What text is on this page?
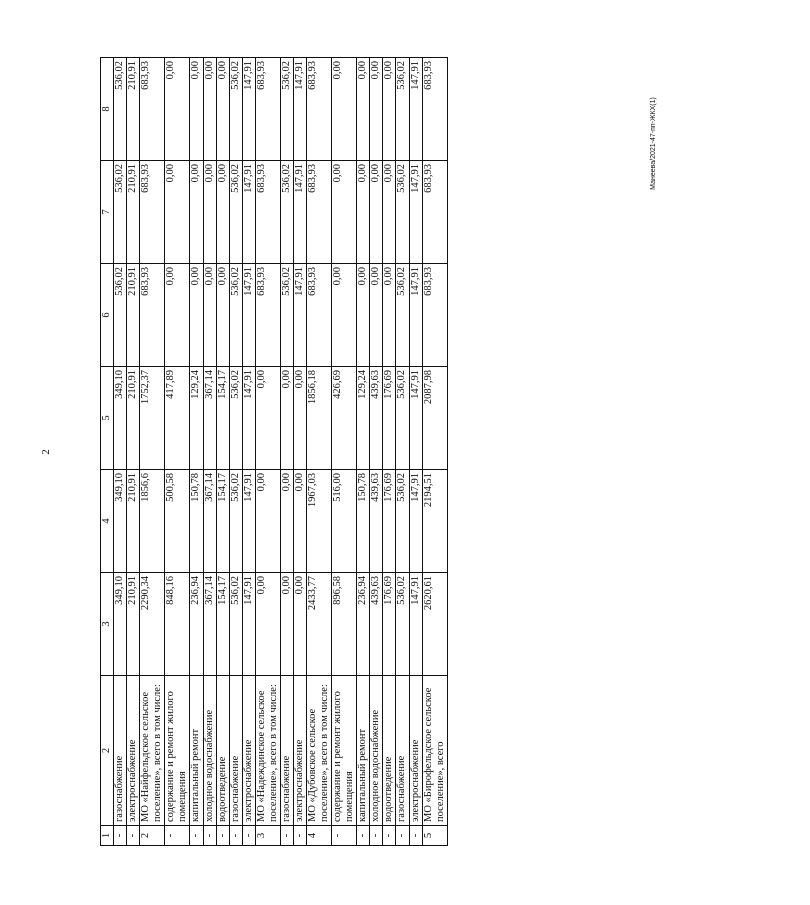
2
Манеева/2021-47-пп-ЖКХ(1)
1	2	3	4	5	6	7	8
-	газоснабжение	349,10	349,10	349,10	536,02	536,02	536,02
-	электроснабжение	210,91	210,91	210,91	210,91	210,91	210,91
2	МО «Найфельдское сельское поселение», всего в том числе:	2290,34	1856,6	1752,37	683,93	683,93	683,93
-	содержание и ремонт жилого помещения	848,16	500,58	417,89	0,00	0,00	0,00
-	капитальный ремонт	236,94	150,78	129,24	0,00	0,00	0,00
-	холодное водоснабжение	367,14	367,14	367,14	0,00	0,00	0,00
-	водоотведение	154,17	154,17	154,17	0,00	0,00	0,00
-	газоснабжение	536,02	536,02	536,02	536,02	536,02	536,02
-	электроснабжение	147,91	147,91	147,91	147,91	147,91	147,91
3	МО «Надеждинское сельское поселение», всего в том числе:	0,00	0,00	0,00	683,93	683,93	683,93
-	газоснабжение	0,00	0,00	0,00	536,02	536,02	536,02
-	электроснабжение	0,00	0,00	0,00	147,91	147,91	147,91
4	МО «Дубовское сельское поселение», всего в том числе:	2433,77	1967,03	1856,18	683,93	683,93	683,93
-	содержание и ремонт жилого помещения	896,58	516,00	426,69	0,00	0,00	0,00
-	капитальный ремонт	236,94	150,78	129,24	0,00	0,00	0,00
-	холодное водоснабжение	439,63	439,63	439,63	0,00	0,00	0,00
-	водоотведение	176,69	176,69	176,69	0,00	0,00	0,00
-	газоснабжение	536,02	536,02	536,02	536,02	536,02	536,02
-	электроснабжение	147,91	147,91	147,91	147,91	147,91	147,91
5	МО «Бирофельдское сельское поселение», всего	2620,61	2194,51	2087,98	683,93	683,93	683,93
